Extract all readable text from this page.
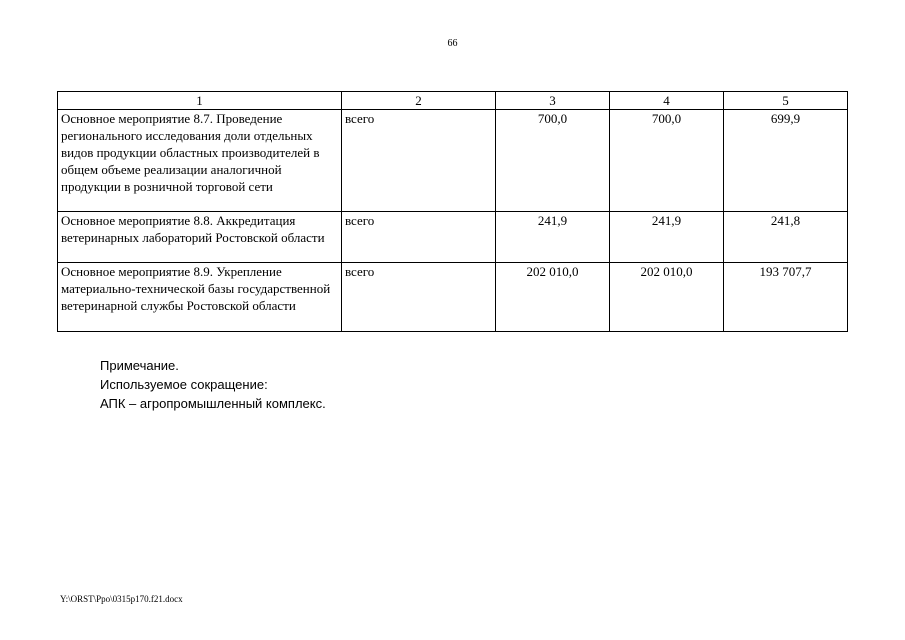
66
1	2	3	4	5
Основное мероприятие 8.7. Проведение регионального исследования доли отдельных видов продукции областных производителей в общем объеме реализации аналогичной продукции в розничной торговой сети	всего	700,0	700,0	699,9
Основное мероприятие 8.8. Аккредитация ветеринарных лабораторий Ростовской области	всего	241,9	241,9	241,8
Основное мероприятие 8.9. Укрепление материально-технической базы государственной ветеринарной службы Ростовской области	всего	202 010,0	202 010,0	193 707,7
Примечание.
Используемое сокращение:
АПК – агропромышленный комплекс.
Y:\ORST\Ppo\0315p170.f21.docx
